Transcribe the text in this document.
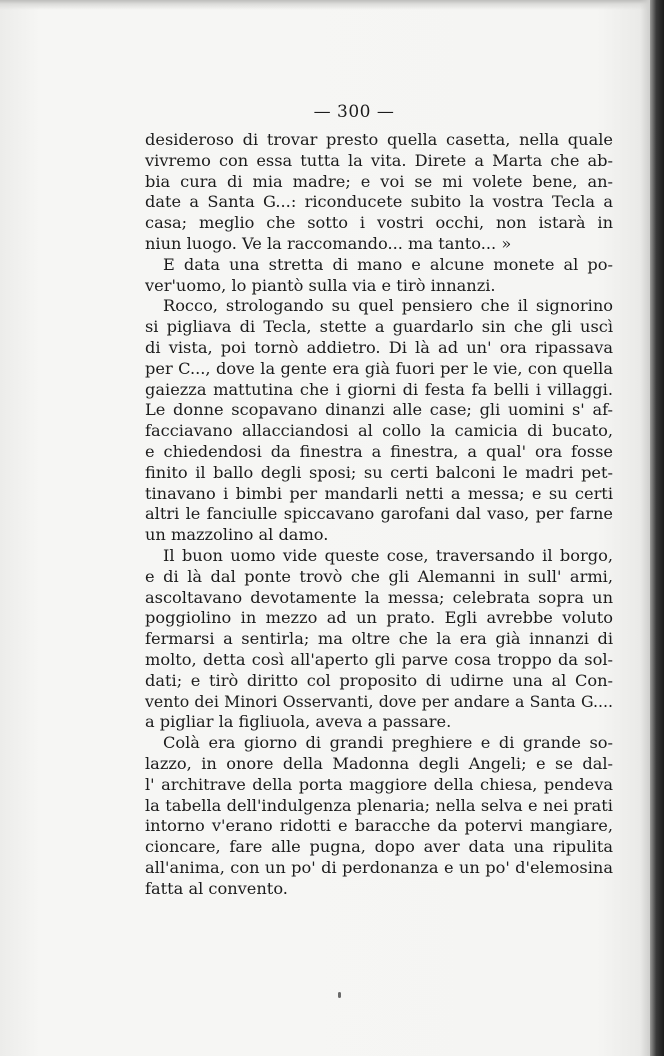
— 300 —
desideroso di trovar presto quella casetta, nella quale
vivremo con essa tutta la vita. Direte a Marta che ab-
bia cura di mia madre; e voi se mi volete bene, an-
date a Santa G...: riconducete subito la vostra Tecla a
casa; meglio che sotto i vostri occhi, non istarà in
niun luogo. Ve la raccomando... ma tanto... »
E data una stretta di mano e alcune monete al po-
ver'uomo, lo piantò sulla via e tirò innanzi.
Rocco, strologando su quel pensiero che il signorino
si pigliava di Tecla, stette a guardarlo sin che gli uscì
di vista, poi tornò addietro. Di là ad un' ora ripassava
per C..., dove la gente era già fuori per le vie, con quella
gaiezza mattutina che i giorni di festa fa belli i villaggi.
Le donne scopavano dinanzi alle case; gli uomini s' af-
facciavano allacciandosi al collo la camicia di bucato,
e chiedendosi da finestra a finestra, a qual' ora fosse
finito il ballo degli sposi; su certi balconi le madri pet-
tinavano i bimbi per mandarli netti a messa; e su certi
altri le fanciulle spiccavano garofani dal vaso, per farne
un mazzolino al damo.
Il buon uomo vide queste cose, traversando il borgo,
e di là dal ponte trovò che gli Alemanni in sull' armi,
ascoltavano devotamente la messa; celebrata sopra un
poggiolino in mezzo ad un prato. Egli avrebbe voluto
fermarsi a sentirla; ma oltre che la era già innanzi di
molto, detta così all'aperto gli parve cosa troppo da sol-
dati; e tirò diritto col proposito di udirne una al Con-
vento dei Minori Osservanti, dove per andare a Santa G....
a pigliar la figliuola, aveva a passare.
Colà era giorno di grandi preghiere e di grande so-
lazzo, in onore della Madonna degli Angeli; e se dal-
l' architrave della porta maggiore della chiesa, pendeva
la tabella dell'indulgenza plenaria; nella selva e nei prati
intorno v'erano ridotti e baracche da potervi mangiare,
cioncare, fare alle pugna, dopo aver data una ripulita
all'anima, con un po' di perdonanza e un po' d'elemosina
fatta al convento.
